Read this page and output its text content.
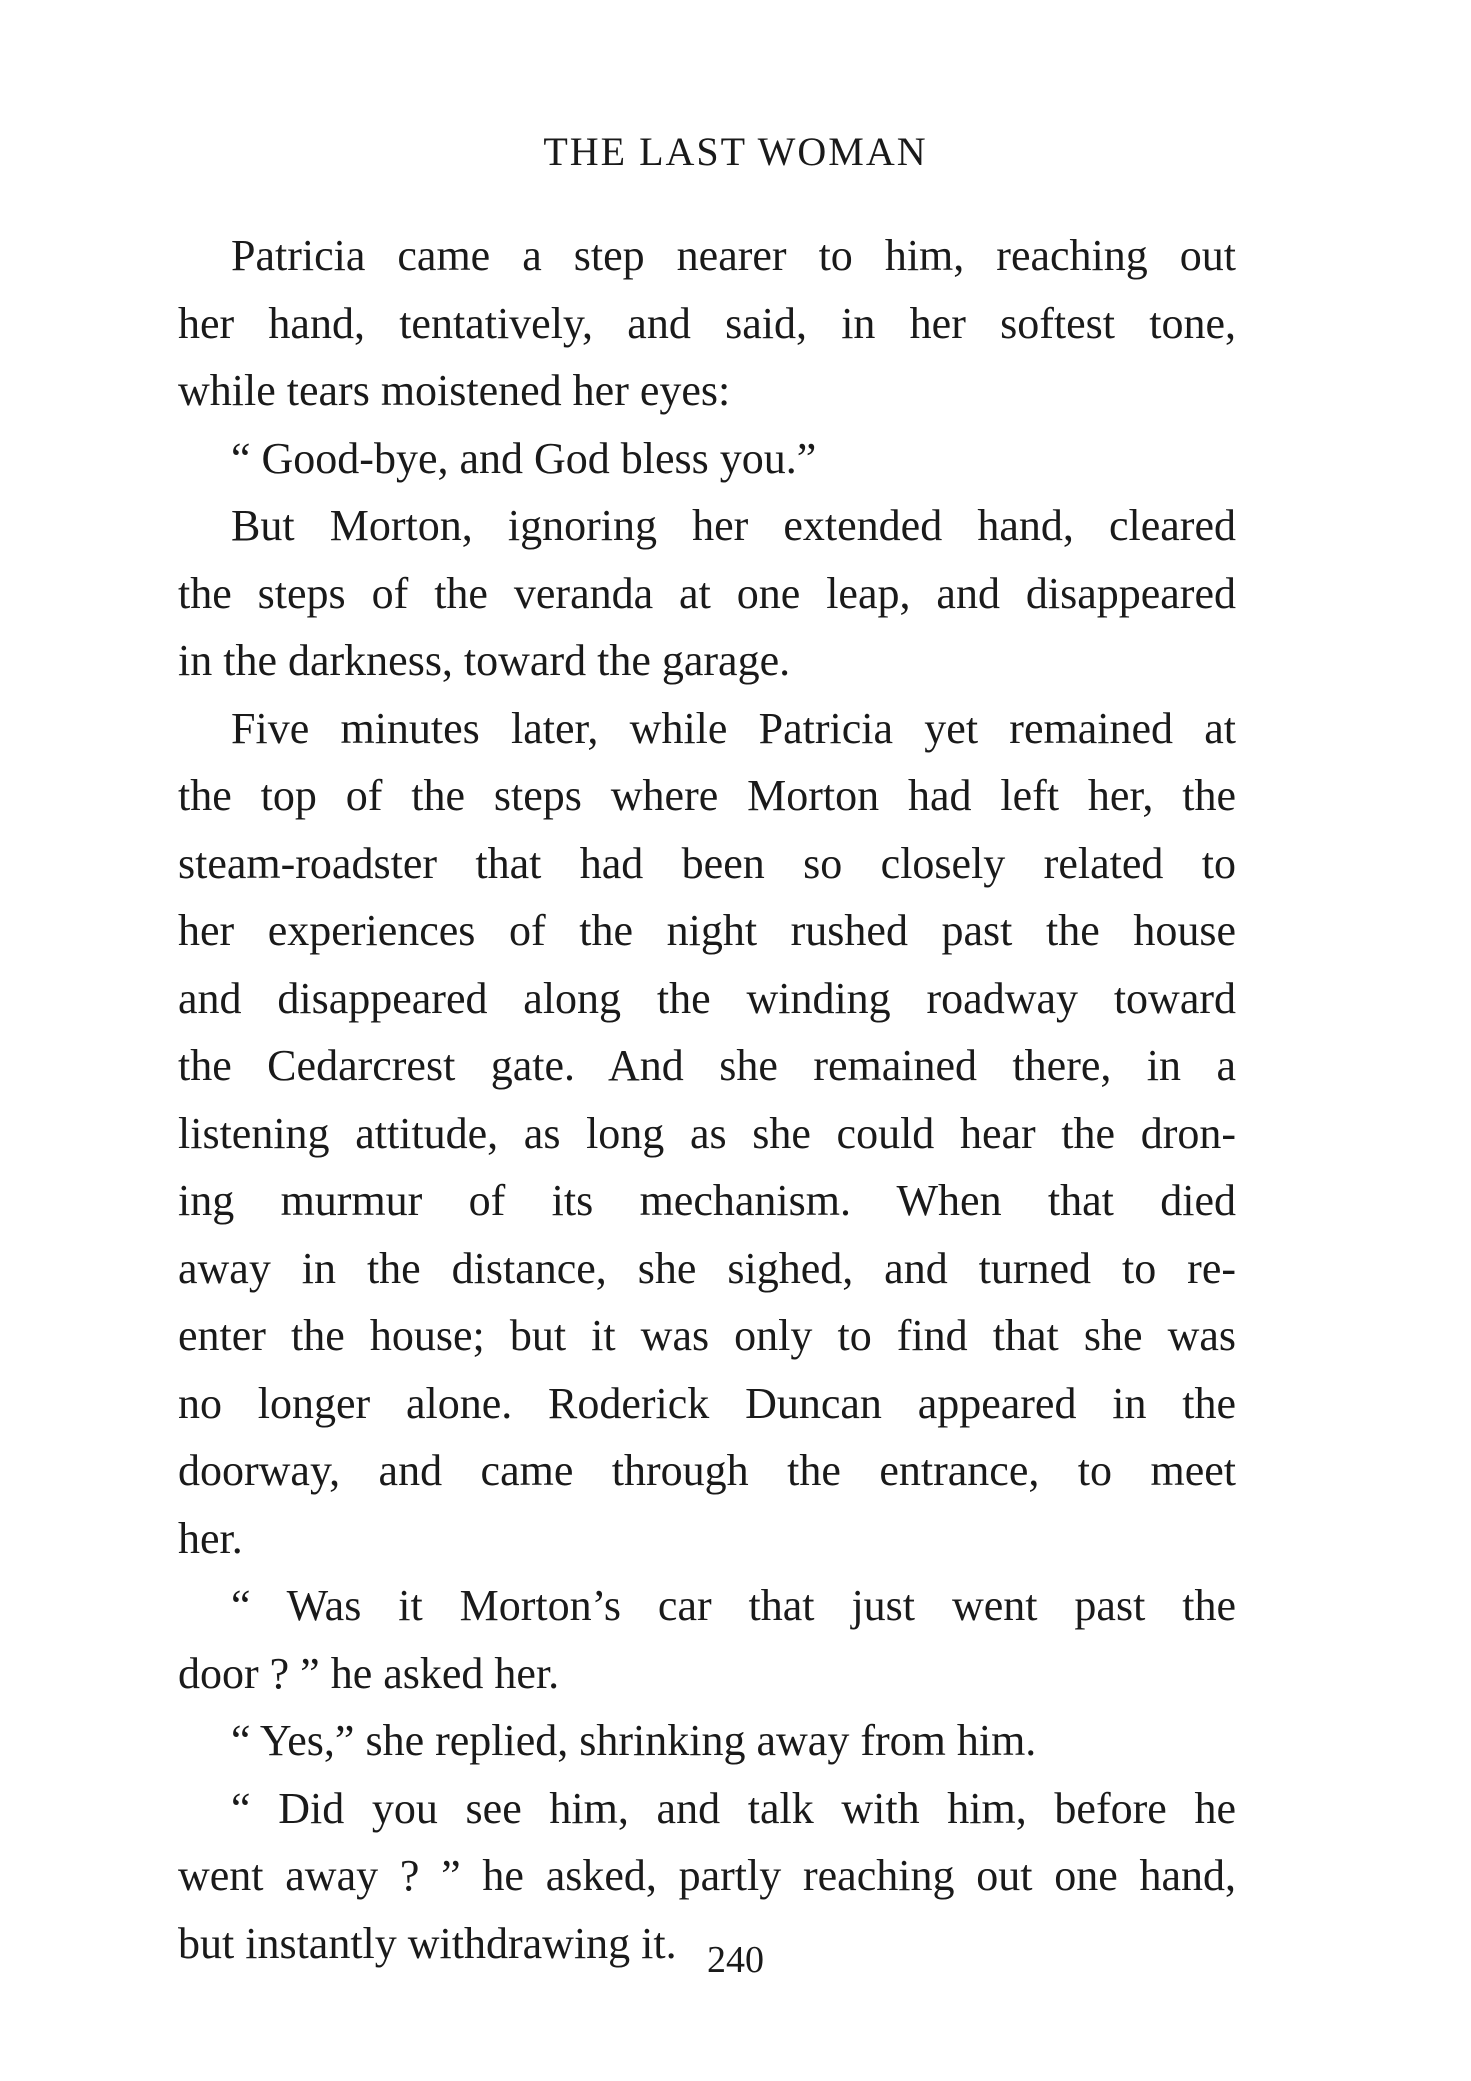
THE LAST WOMAN
Patricia came a step nearer to him, reaching out
her hand, tentatively, and said, in her softest tone,
while tears moistened her eyes:
“ Good-bye, and God bless you.”
But Morton, ignoring her extended hand, cleared
the steps of the veranda at one leap, and disappeared
in the darkness, toward the garage.
Five minutes later, while Patricia yet remained at
the top of the steps where Morton had left her, the
steam-roadster that had been so closely related to
her experiences of the night rushed past the house
and disappeared along the winding roadway toward
the Cedarcrest gate. And she remained there, in a
listening attitude, as long as she could hear the dron-
ing murmur of its mechanism. When that died
away in the distance, she sighed, and turned to re-
enter the house; but it was only to find that she was
no longer alone. Roderick Duncan appeared in the
doorway, and came through the entrance, to meet
her.
“ Was it Morton’s car that just went past the
door ? ” he asked her.
“ Yes,” she replied, shrinking away from him.
“ Did you see him, and talk with him, before he
went away ? ” he asked, partly reaching out one hand,
but instantly withdrawing it. 240
